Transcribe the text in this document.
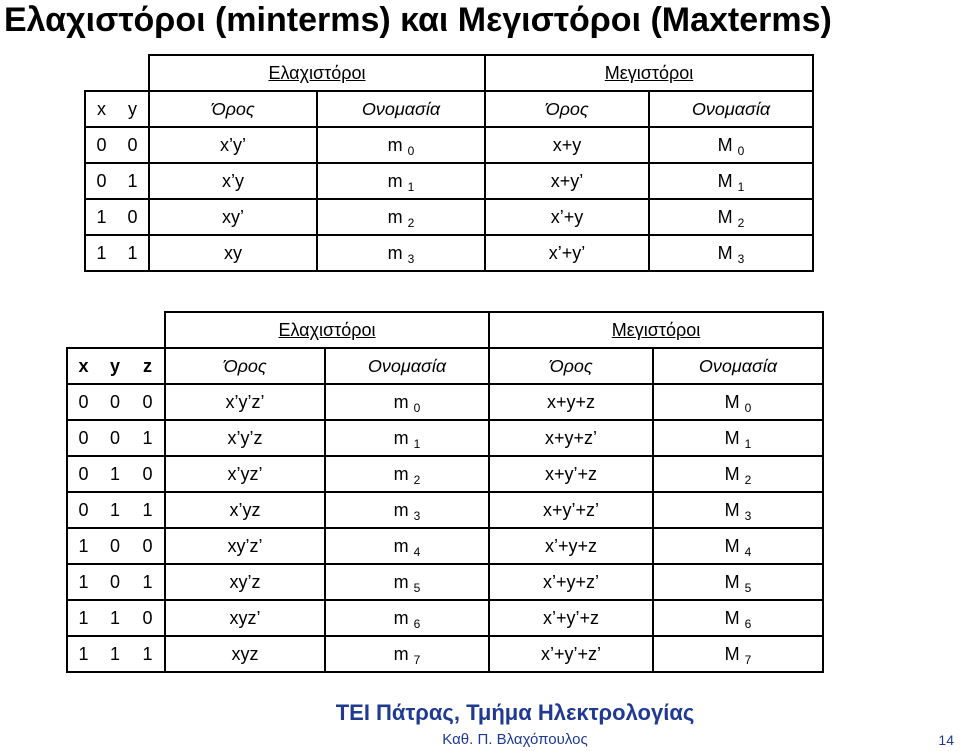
Ελαχιστόροι (minterms) και Μεγιστόροι (Maxterms)
		Ελαχιστόροι		Μεγιστόροι	
x	y	Όρος	Ονομασία	Όρος	Ονομασία
0	0	x’y’	m $_0$	x+y	M $_0$
0	1	x’y	m $_1$	x+y’	M $_1$
1	0	xy’	m $_2$	x’+y	M $_2$
1	1	xy	m $_3$	x’+y’	M $_3$
			Ελαχιστόροι		Μεγιστόροι	
x	y	z	Όρος	Ονομασία	Όρος	Ονομασία
0	0	0	x’y’z’	m $_0$	x+y+z	M $_0$
0	0	1	x’y’z	m $_1$	x+y+z’	M $_1$
0	1	0	x’yz’	m $_2$	x+y’+z	M $_2$
0	1	1	x’yz	m $_3$	x+y’+z’	M $_3$
1	0	0	xy’z’	m $_4$	x’+y+z	M $_4$
1	0	1	xy’z	m $_5$	x’+y+z’	M $_5$
1	1	0	xyz’	m $_6$	x’+y’+z	M $_6$
1	1	1	xyz	m $_7$	x’+y’+z’	M $_7$
ΤΕΙ Πάτρας, Τμήμα Ηλεκτρολογίας
Καθ. Π. Βλαχόπουλος	14
